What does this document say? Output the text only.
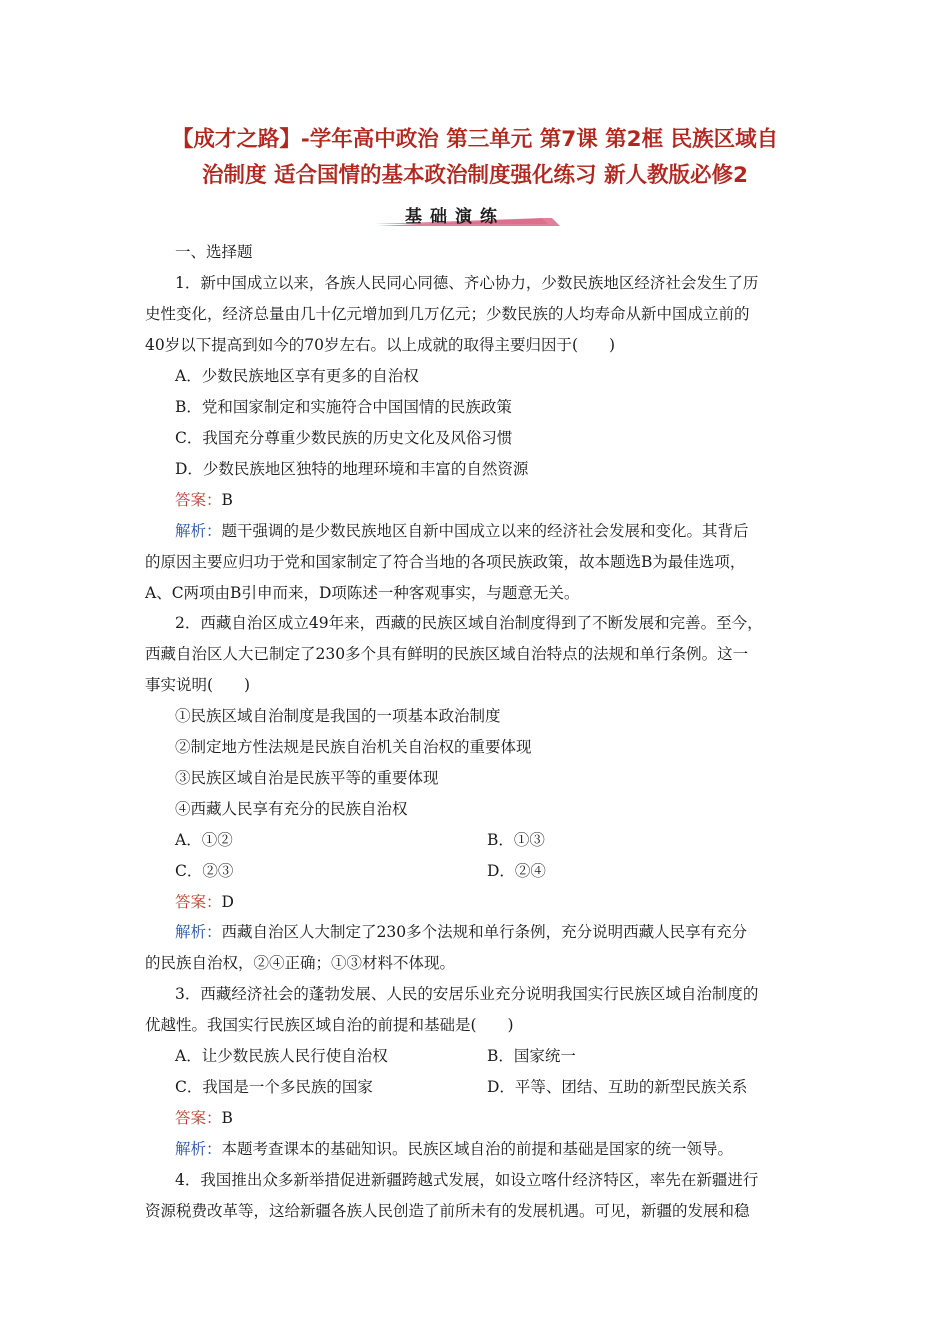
【成才之路】-学年高中政治 第三单元 第7课 第2框 民族区域自
治制度 适合国情的基本政治制度强化练习 新人教版必修2
基础演练
一、选择题
1．新中国成立以来，各族人民同心同德、齐心协力，少数民族地区经济社会发生了历
史性变化，经济总量由几十亿元增加到几万亿元；少数民族的人均寿命从新中国成立前的
40岁以下提高到如今的70岁左右。以上成就的取得主要归因于(　　)
A．少数民族地区享有更多的自治权
B．党和国家制定和实施符合中国国情的民族政策
C．我国充分尊重少数民族的历史文化及风俗习惯
D．少数民族地区独特的地理环境和丰富的自然资源
答案：B
解析：题干强调的是少数民族地区自新中国成立以来的经济社会发展和变化。其背后
的原因主要应归功于党和国家制定了符合当地的各项民族政策，故本题选B为最佳选项，
A、C两项由B引申而来，D项陈述一种客观事实，与题意无关。
2．西藏自治区成立49年来，西藏的民族区域自治制度得到了不断发展和完善。至今，
西藏自治区人大已制定了230多个具有鲜明的民族区域自治特点的法规和单行条例。这一
事实说明(　　)
①民族区域自治制度是我国的一项基本政治制度
②制定地方性法规是民族自治机关自治权的重要体现
③民族区域自治是民族平等的重要体现
④西藏人民享有充分的民族自治权
A．①②	B．①③
C．②③	D．②④
答案：D
解析：西藏自治区人大制定了230多个法规和单行条例，充分说明西藏人民享有充分
的民族自治权，②④正确；①③材料不体现。
3．西藏经济社会的蓬勃发展、人民的安居乐业充分说明我国实行民族区域自治制度的
优越性。我国实行民族区域自治的前提和基础是(　　)
A．让少数民族人民行使自治权	B．国家统一
C．我国是一个多民族的国家	D．平等、团结、互助的新型民族关系
答案：B
解析：本题考查课本的基础知识。民族区域自治的前提和基础是国家的统一领导。
4．我国推出众多新举措促进新疆跨越式发展，如设立喀什经济特区，率先在新疆进行
资源税费改革等，这给新疆各族人民创造了前所未有的发展机遇。可见，新疆的发展和稳
